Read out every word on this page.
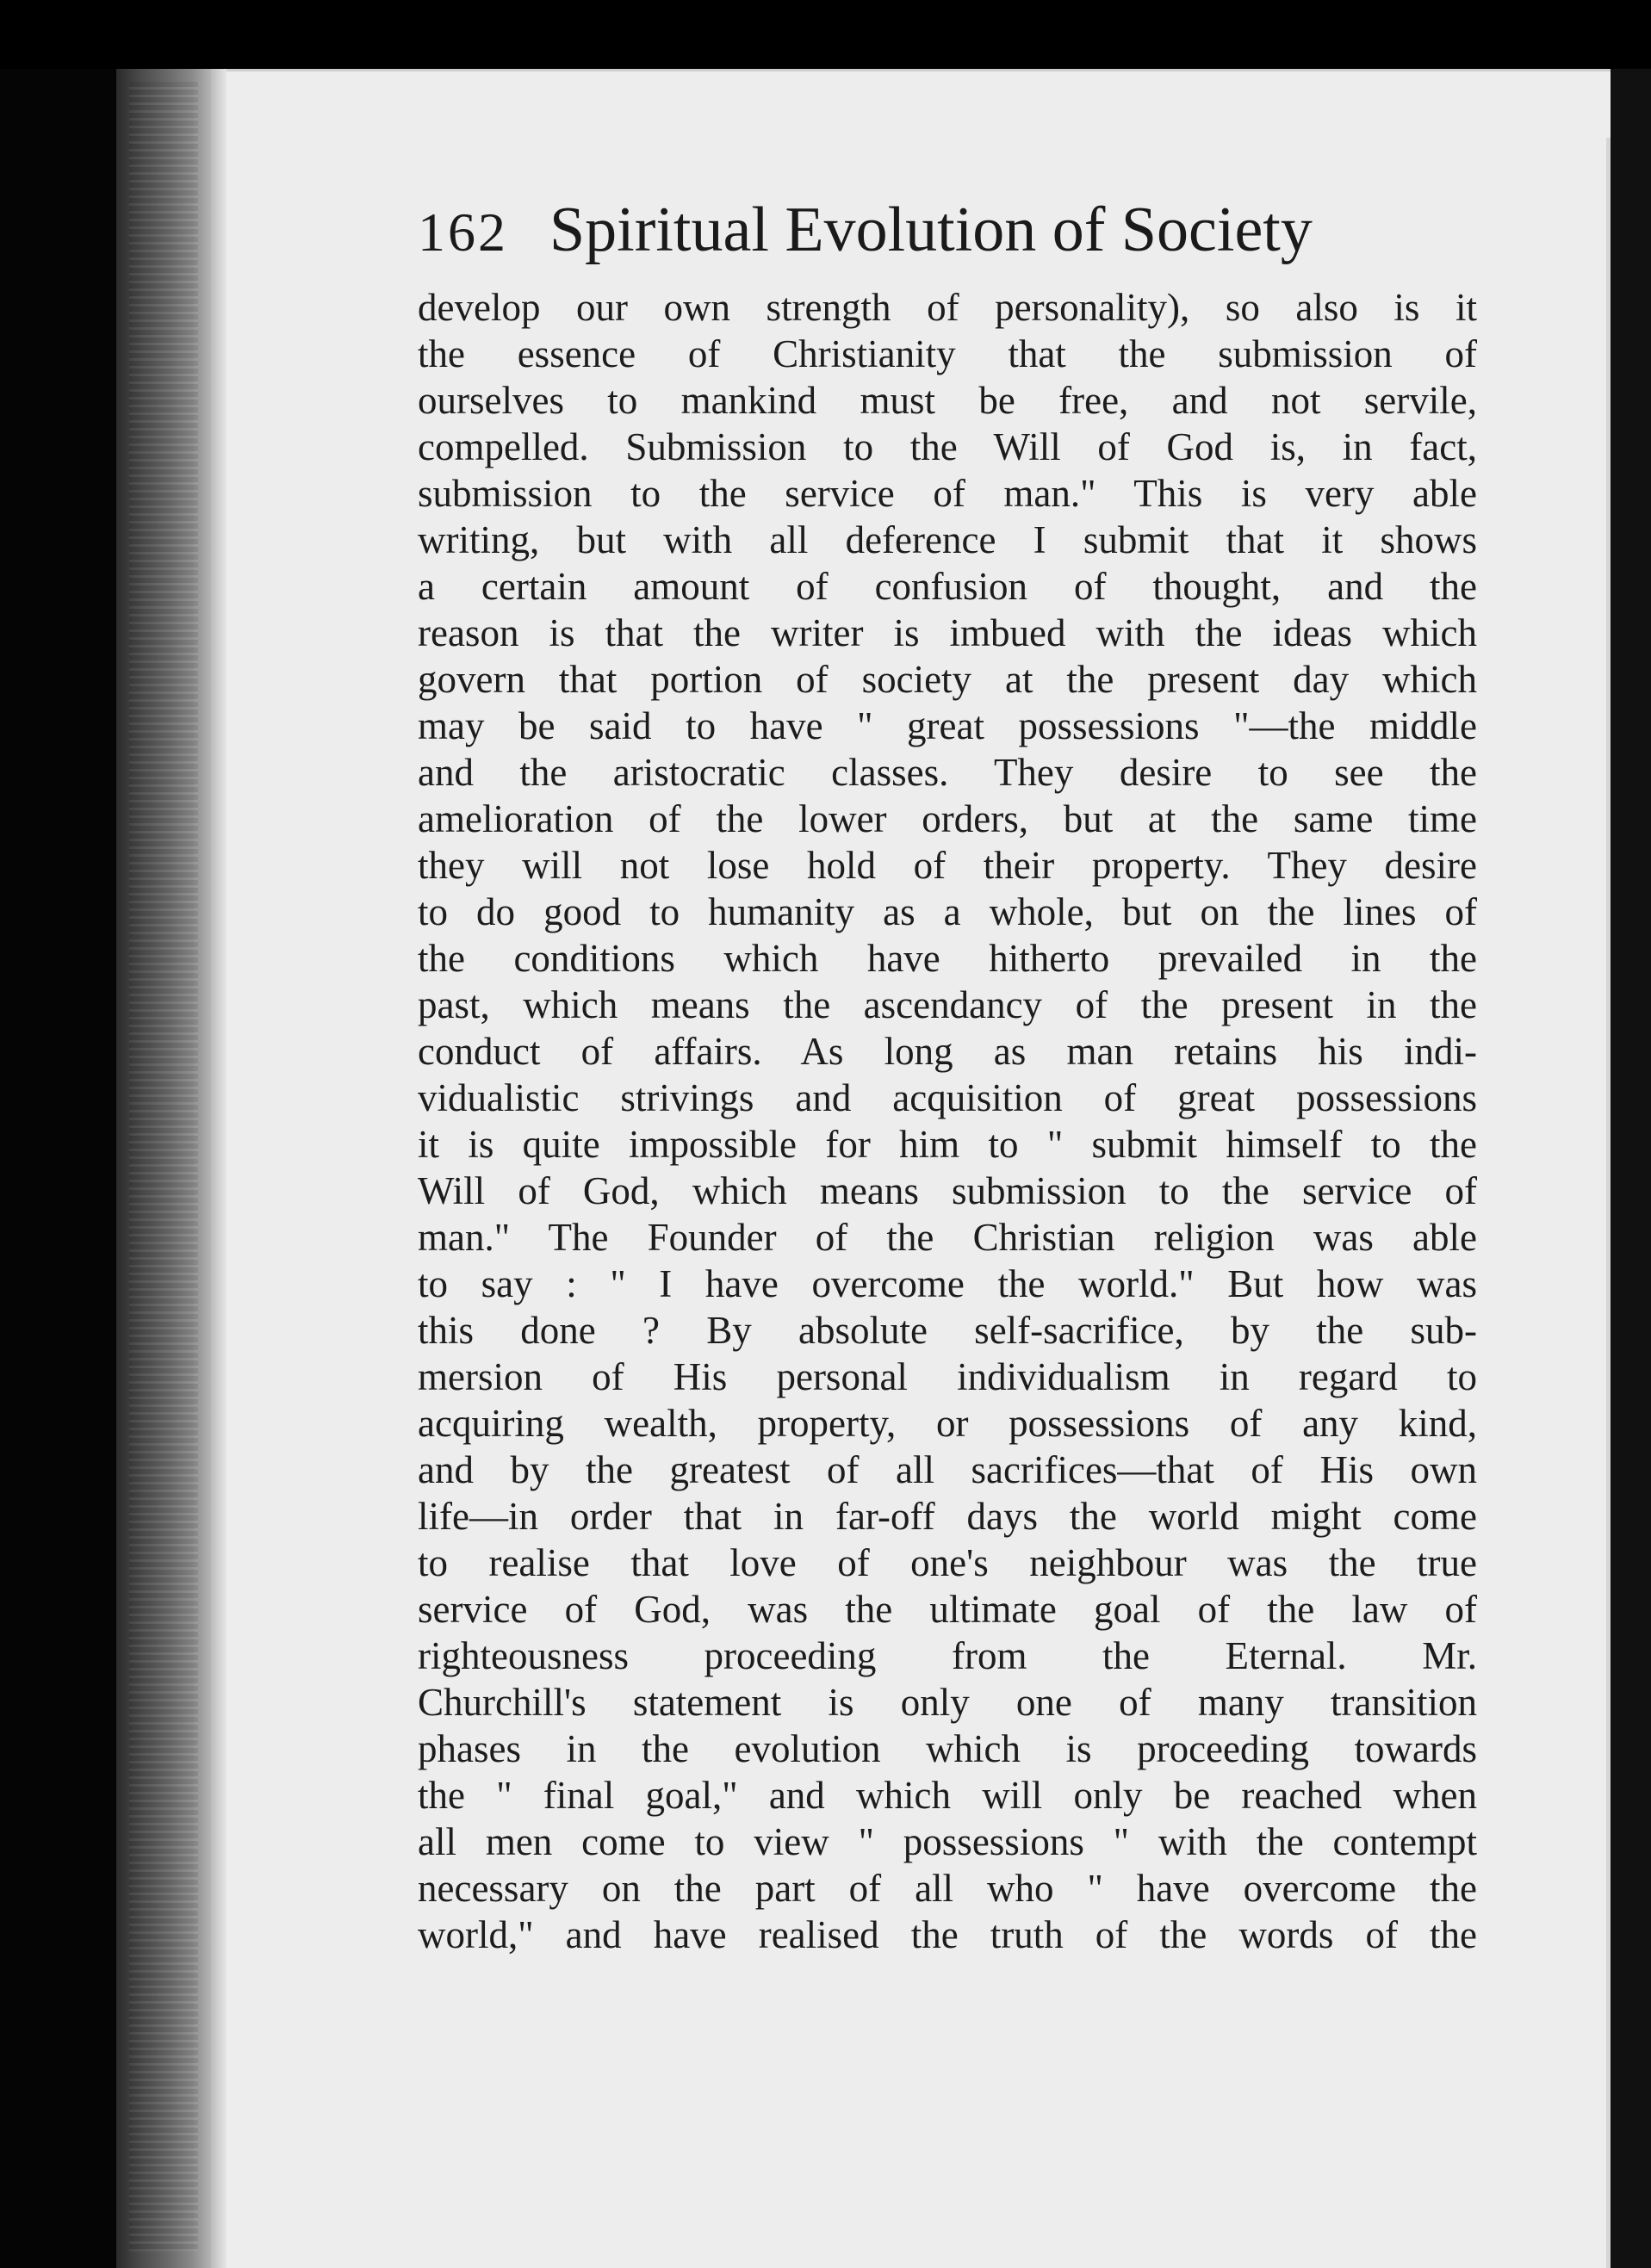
162 Spiritual Evolution of Society
develop our own strength of personality), so also is it
the essence of Christianity that the submission of
ourselves to mankind must be free, and not servile,
compelled. Submission to the Will of God is, in fact,
submission to the service of man." This is very able
writing, but with all deference I submit that it shows
a certain amount of confusion of thought, and the
reason is that the writer is imbued with the ideas which
govern that portion of society at the present day which
may be said to have " great possessions "—the middle
and the aristocratic classes. They desire to see the
amelioration of the lower orders, but at the same time
they will not lose hold of their property. They desire
to do good to humanity as a whole, but on the lines of
the conditions which have hitherto prevailed in the
past, which means the ascendancy of the present in the
conduct of affairs. As long as man retains his indi-
vidualistic strivings and acquisition of great possessions
it is quite impossible for him to " submit himself to the
Will of God, which means submission to the service of
man." The Founder of the Christian religion was able
to say : " I have overcome the world." But how was
this done ? By absolute self-sacrifice, by the sub-
mersion of His personal individualism in regard to
acquiring wealth, property, or possessions of any kind,
and by the greatest of all sacrifices—that of His own
life—in order that in far-off days the world might come
to realise that love of one's neighbour was the true
service of God, was the ultimate goal of the law of
righteousness proceeding from the Eternal. Mr.
Churchill's statement is only one of many transition
phases in the evolution which is proceeding towards
the " final goal," and which will only be reached when
all men come to view " possessions " with the contempt
necessary on the part of all who " have overcome the
world," and have realised the truth of the words of the
